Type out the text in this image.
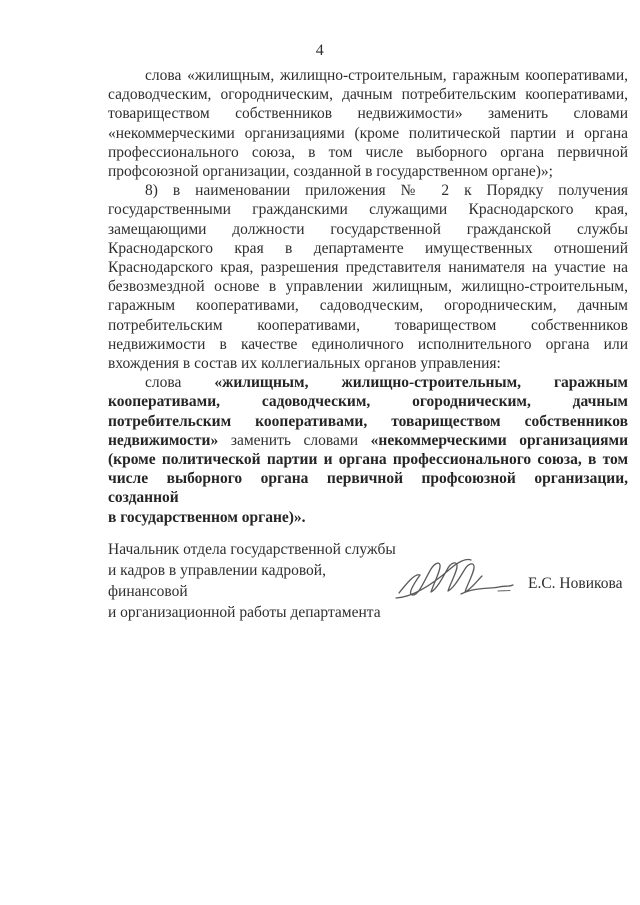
4
слова «жилищным, жилищно-строительным, гаражным кооперативами,
садоводческим, огородническим, дачным потребительским кооперативами,
товариществом собственников недвижимости» заменить словами
«некоммерческими организациями (кроме политической партии и органа
профессионального союза, в том числе выборного органа первичной
профсоюзной организации, созданной в государственном органе)»;
8) в наименовании приложения № 2 к Порядку получения
государственными гражданскими служащими Краснодарского края,
замещающими должности государственной гражданской службы
Краснодарского края в департаменте имущественных отношений
Краснодарского края, разрешения представителя нанимателя на участие на
безвозмездной основе в управлении жилищным, жилищно-строительным,
гаражным кооперативами, садоводческим, огородническим, дачным
потребительским кооперативами, товариществом собственников
недвижимости в качестве единоличного исполнительного органа или
вхождения в состав их коллегиальных органов управления:
слова «жилищным, жилищно-строительным, гаражным
кооперативами, садоводческим, огородническим, дачным
потребительским кооперативами, товариществом собственников
недвижимости» заменить словами «некоммерческими организациями
(кроме политической партии и органа профессионального союза, в том
числе выборного органа первичной профсоюзной организации, созданной
в государственном органе)».
Начальник отдела государственной службы
и кадров в управлении кадровой, финансовой
и организационной работы департамента
Е.С. Новикова
